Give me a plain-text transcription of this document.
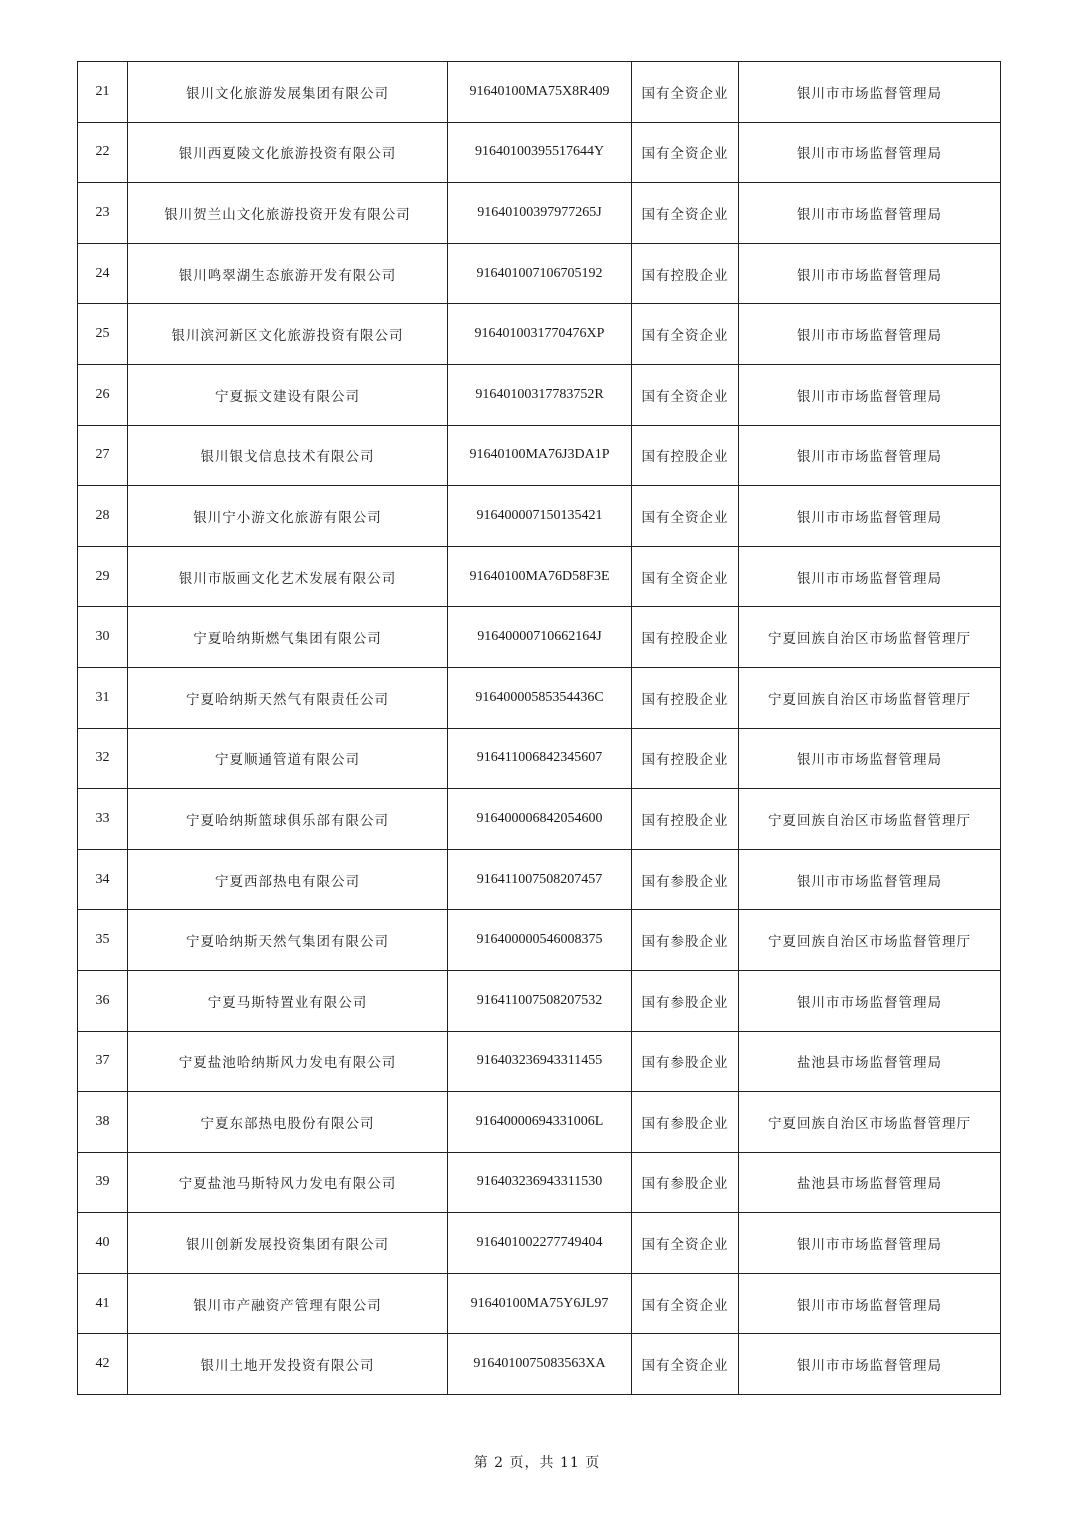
21	银川文化旅游发展集团有限公司	91640100MA75X8R409	国有全资企业	银川市市场监督管理局
22	银川西夏陵文化旅游投资有限公司	91640100395517644Y	国有全资企业	银川市市场监督管理局
23	银川贺兰山文化旅游投资开发有限公司	91640100397977265J	国有全资企业	银川市市场监督管理局
24	银川鸣翠湖生态旅游开发有限公司	916401007106705192	国有控股企业	银川市市场监督管理局
25	银川滨河新区文化旅游投资有限公司	9164010031770476XP	国有全资企业	银川市市场监督管理局
26	宁夏振文建设有限公司	91640100317783752R	国有全资企业	银川市市场监督管理局
27	银川银戈信息技术有限公司	91640100MA76J3DA1P	国有控股企业	银川市市场监督管理局
28	银川宁小游文化旅游有限公司	916400007150135421	国有全资企业	银川市市场监督管理局
29	银川市版画文化艺术发展有限公司	91640100MA76D58F3E	国有全资企业	银川市市场监督管理局
30	宁夏哈纳斯燃气集团有限公司	91640000710662164J	国有控股企业	宁夏回族自治区市场监督管理厅
31	宁夏哈纳斯天然气有限责任公司	91640000585354436C	国有控股企业	宁夏回族自治区市场监督管理厅
32	宁夏顺通管道有限公司	916411006842345607	国有控股企业	银川市市场监督管理局
33	宁夏哈纳斯篮球俱乐部有限公司	916400006842054600	国有控股企业	宁夏回族自治区市场监督管理厅
34	宁夏西部热电有限公司	916411007508207457	国有参股企业	银川市市场监督管理局
35	宁夏哈纳斯天然气集团有限公司	916400000546008375	国有参股企业	宁夏回族自治区市场监督管理厅
36	宁夏马斯特置业有限公司	916411007508207532	国有参股企业	银川市市场监督管理局
37	宁夏盐池哈纳斯风力发电有限公司	916403236943311455	国有参股企业	盐池县市场监督管理局
38	宁夏东部热电股份有限公司	91640000694331006L	国有参股企业	宁夏回族自治区市场监督管理厅
39	宁夏盐池马斯特风力发电有限公司	916403236943311530	国有参股企业	盐池县市场监督管理局
40	银川创新发展投资集团有限公司	916401002277749404	国有全资企业	银川市市场监督管理局
41	银川市产融资产管理有限公司	91640100MA75Y6JL97	国有全资企业	银川市市场监督管理局
42	银川土地开发投资有限公司	9164010075083563XA	国有全资企业	银川市市场监督管理局
第 2 页，共 11 页
